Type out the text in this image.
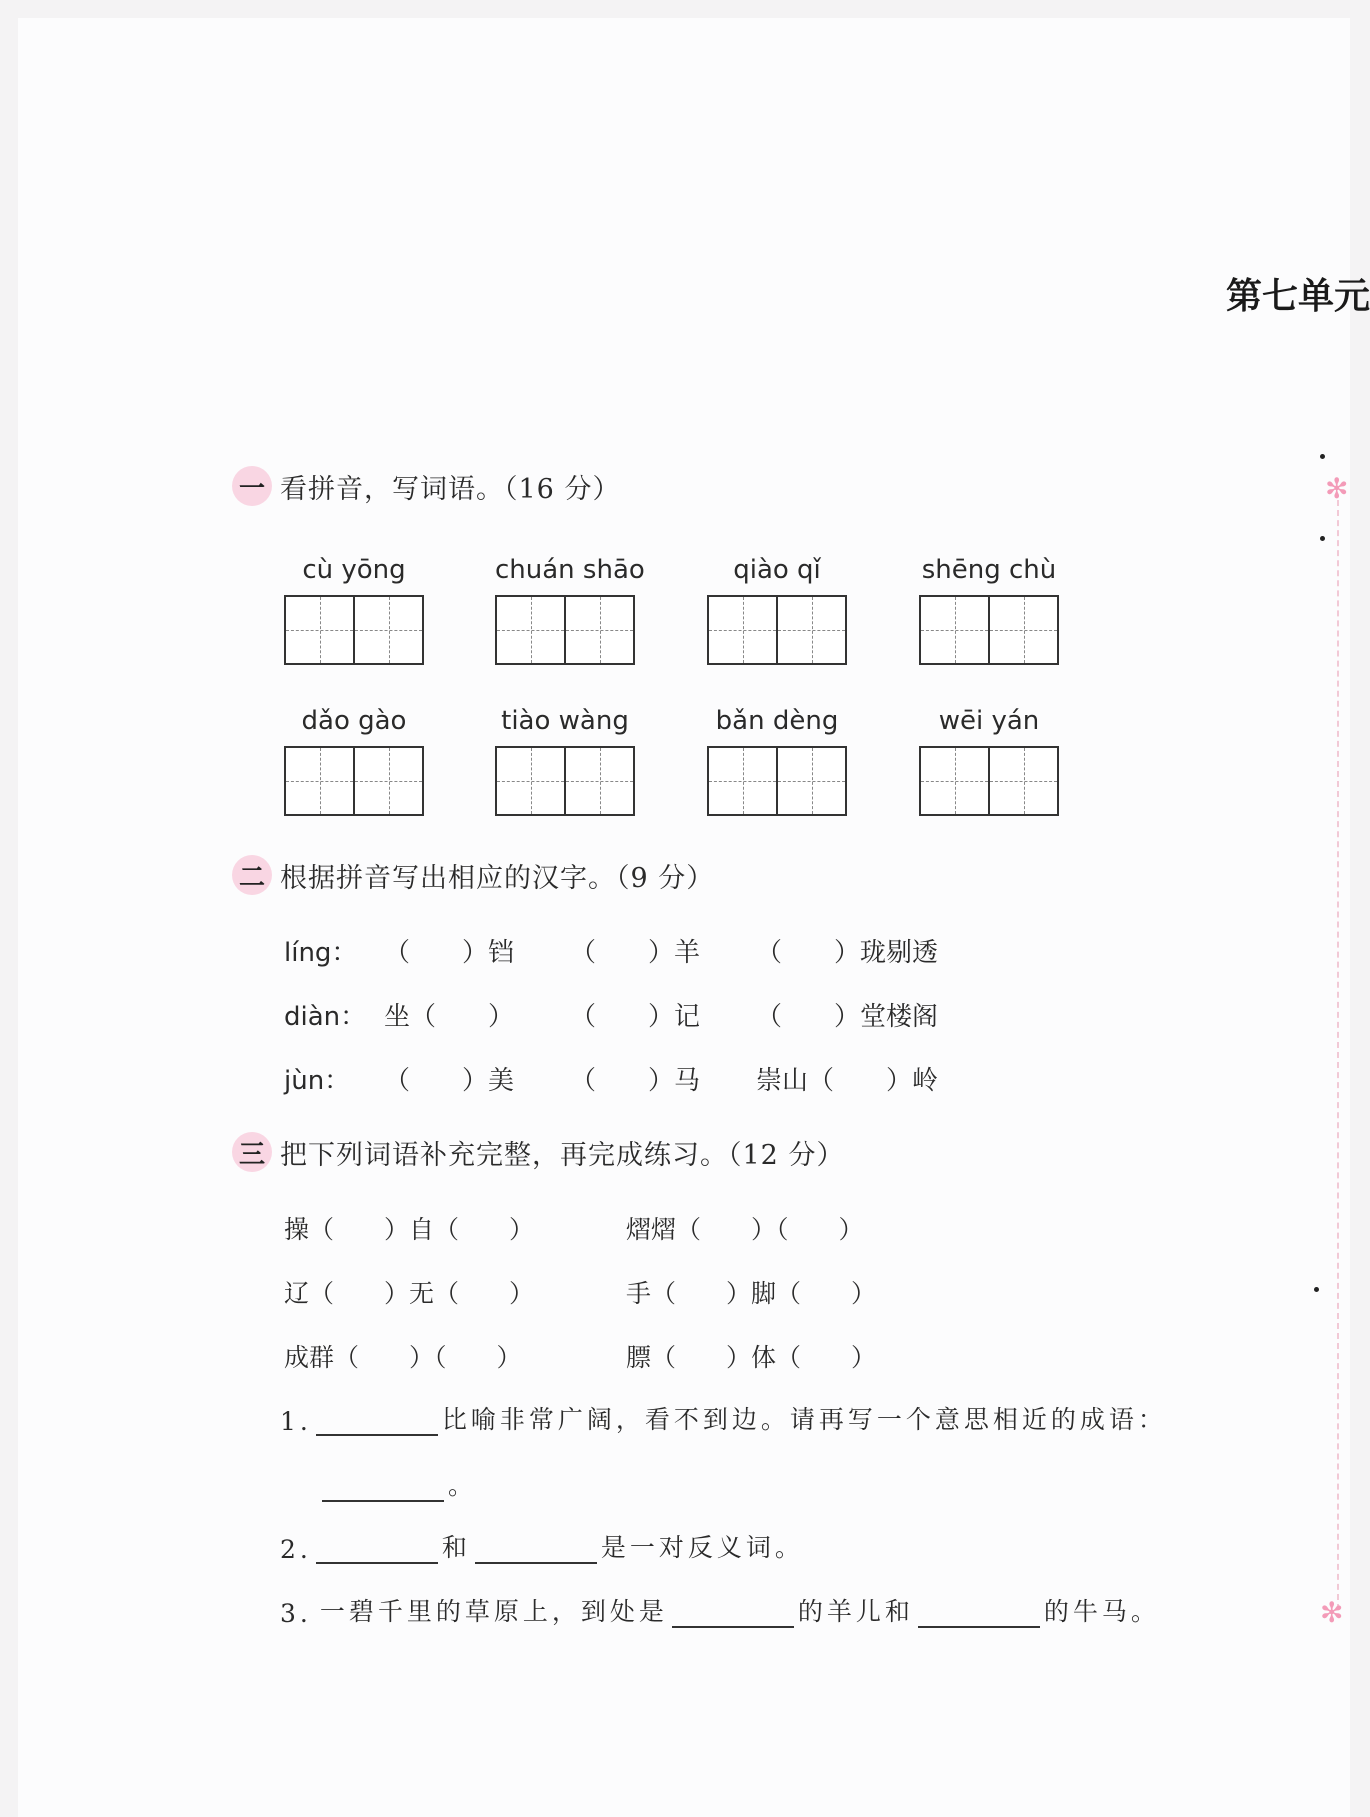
第七单元
✻
✻
一 看拼音，写词语。（16 分）
cù yōng	chuán shāo	qiào qǐ	shēng chù
dǎo gào	tiào wàng	bǎn dèng	wēi yán
二 根据拼音写出相应的汉字。（9 分）
líng：	（　　）铛 （　　）羊 （　　）珑剔透
diàn： 坐（　　） （　　）记 （　　）堂楼阁
jùn：	（　　）美 （　　）马 崇山（　　）岭
三 把下列词语补充完整，再完成练习。（12 分）
操（　　）自（　　）	熠熠（　　）（　　）
辽（　　）无（　　）	手（　　）脚（　　）
成群（　　）（　　）	膘（　　）体（　　）
1.	比喻非常广阔，看不到边。请再写一个意思相近的成语：
。
2.	和	是一对反义词。
3. 一碧千里的草原上，到处是	的羊儿和	的牛马。
